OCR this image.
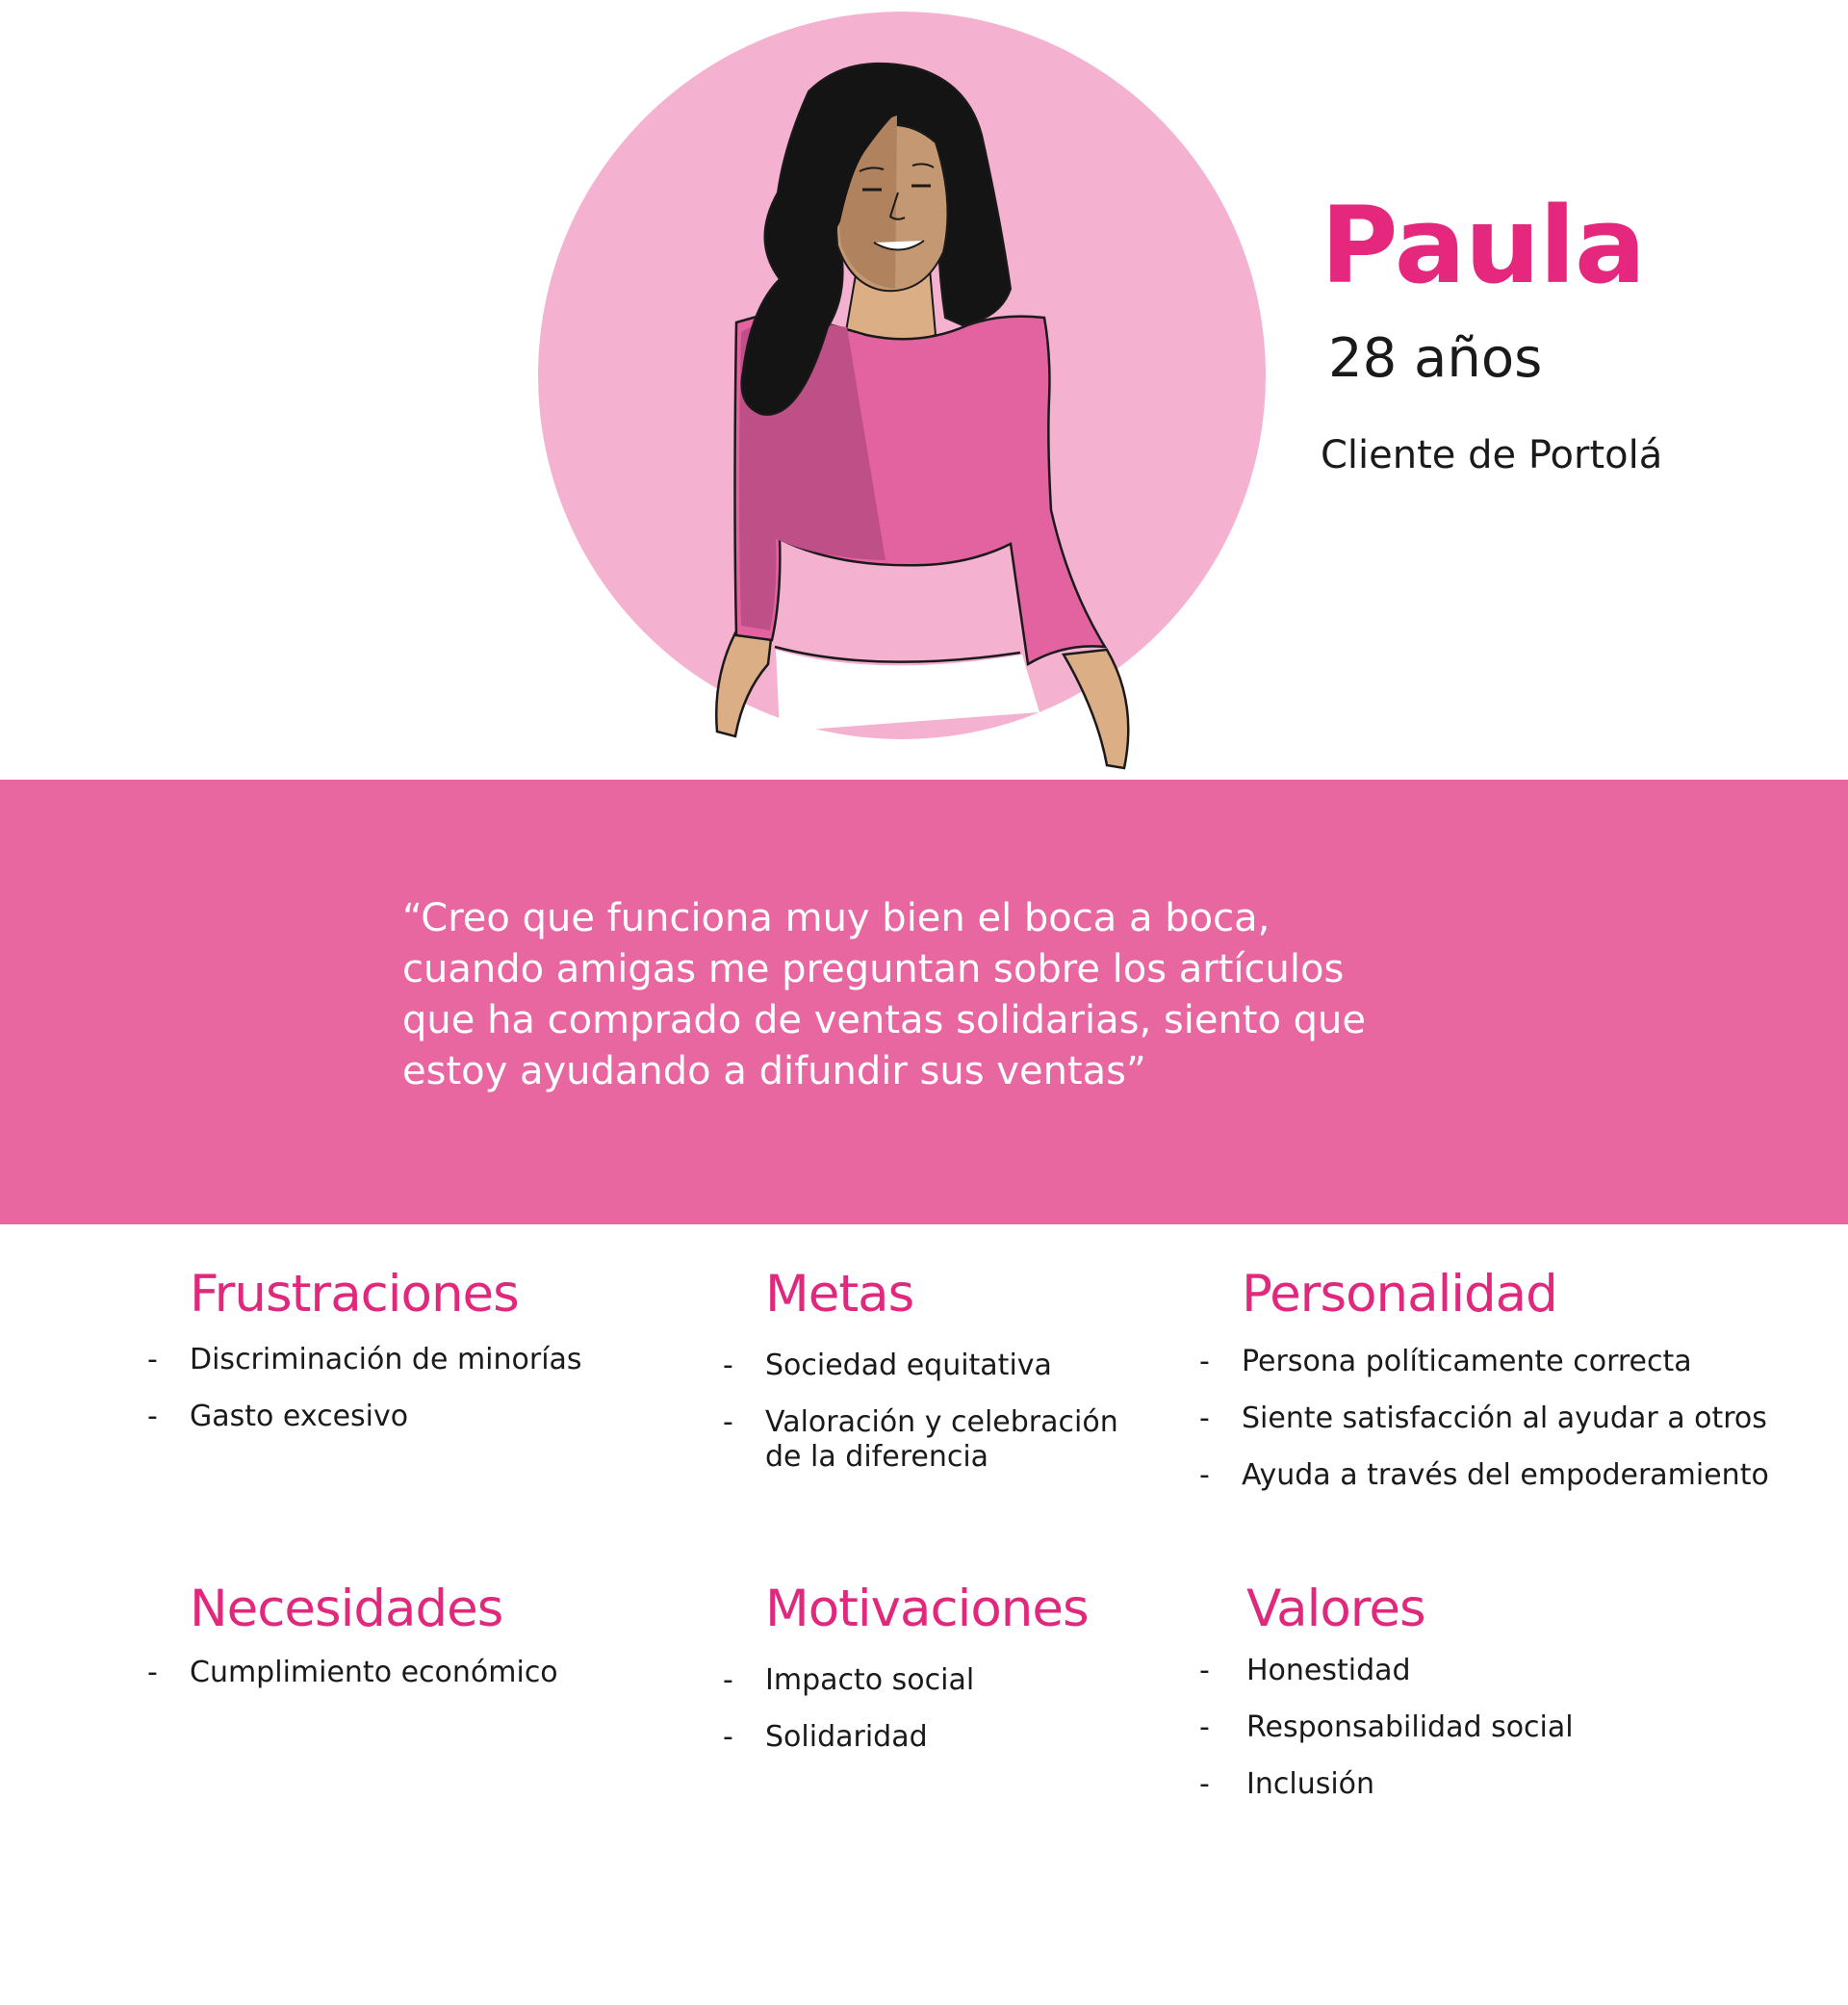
Paula
28 años
Cliente de Portolá

“Creo que funciona muy bien el boca a boca,
cuando amigas me preguntan sobre los artículos
que ha comprado de ventas solidarias, siento que
estoy ayudando a difundir sus ventas”

Frustraciones
- Discriminación de minorías
- Gasto excesivo
Metas
- Sociedad equitativa
- Valoración y celebración
de la diferencia
Personalidad
- Persona políticamente correcta
- Siente satisfacción al ayudar a otros
- Ayuda a través del empoderamiento
Necesidades
- Cumplimiento económico
Motivaciones
- Impacto social
- Solidaridad
Valores
- Honestidad
- Responsabilidad social
- Inclusión
